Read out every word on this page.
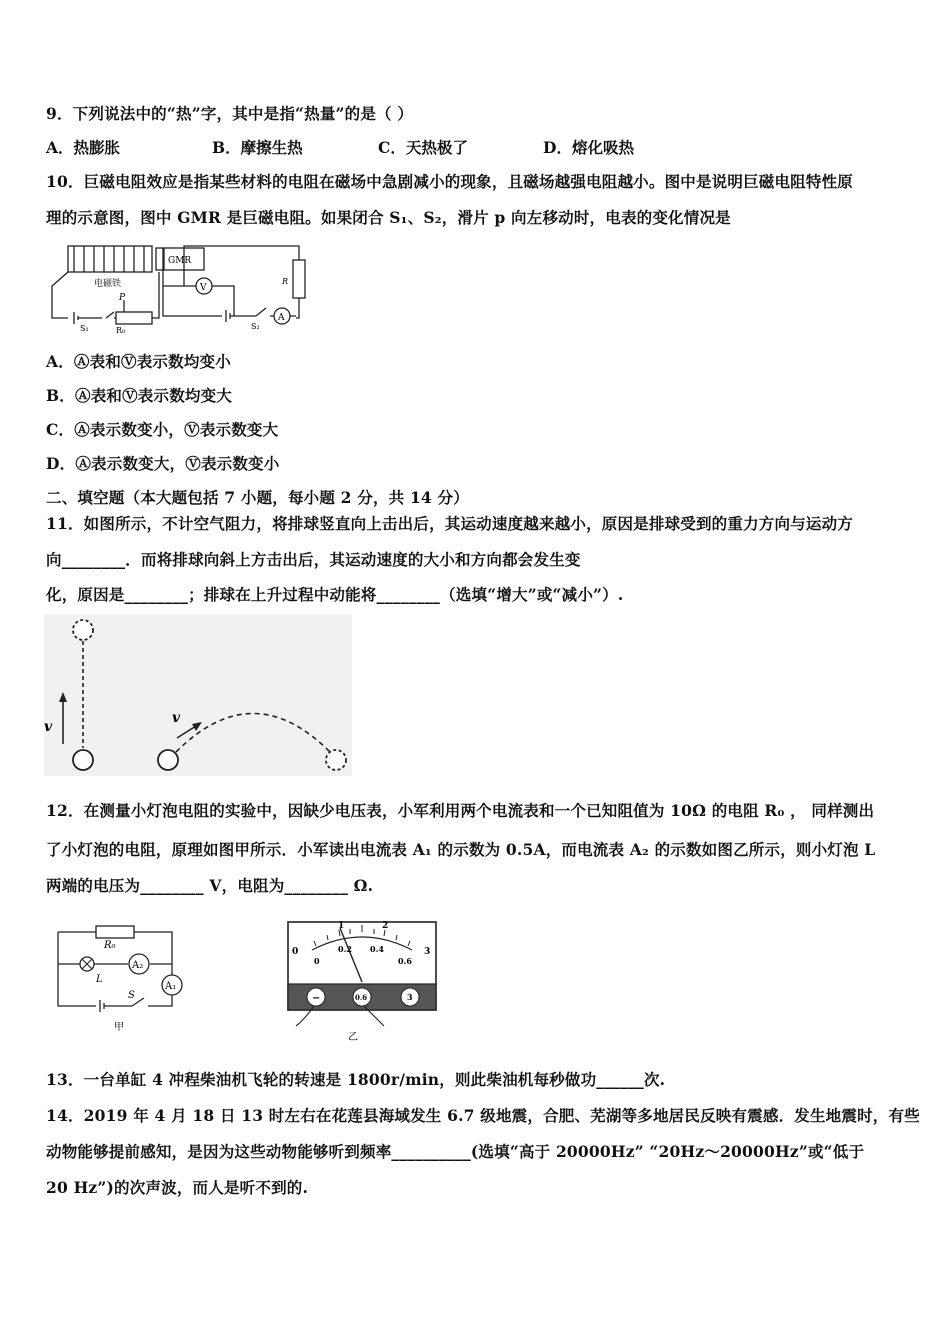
9．下列说法中的“热”字，其中是指“热量”的是（ ）
A．热膨胀	B．摩擦生热	C．天热极了	D．熔化吸热
10．巨磁电阻效应是指某些材料的电阻在磁场中急剧减小的现象，且磁场越强电阻越小。图中是说明巨磁电阻特性原
理的示意图，图中 GMR 是巨磁电阻。如果闭合 S₁、S₂，滑片 p 向左移动时，电表的变化情况是
GMR
电磁铁
P
S₁	R₀	S₂
R
V
A
A．Ⓐ表和Ⓥ表示数均变小
B．Ⓐ表和Ⓥ表示数均变大
C．Ⓐ表示数变小，Ⓥ表示数变大
D．Ⓐ表示数变大，Ⓥ表示数变小
二、填空题（本大题包括 7 小题，每小题 2 分，共 14 分）
11．如图所示，不计空气阻力，将排球竖直向上击出后，其运动速度越来越小，原因是排球受到的重力方向与运动方
向________．而将排球向斜上方击出后，其运动速度的大小和方向都会发生变
化，原因是________；排球在上升过程中动能将________（选填“增大”或“减小”）.
v
v
12．在测量小灯泡电阻的实验中，因缺少电压表，小军利用两个电流表和一个已知阻值为 10Ω 的电阻 R₀ ， 同样测出
了小灯泡的电阻，原理如图甲所示．小军读出电流表 A₁ 的示数为 0.5A，而电流表 A₂ 的示数如图乙所示，则小灯泡 L
两端的电压为________ V，电阻为________ Ω.
R₀
A₂
L
S
A₁
甲
0
1	2
3
0
0.2 0.4
0.6
−	0.6	3
乙
13．一台单缸 4 冲程柴油机飞轮的转速是 1800r/min，则此柴油机每秒做功______次.
14．2019 年 4 月 18 日 13 时左右在花莲县海域发生 6.7 级地震，合肥、芜湖等多地居民反映有震感．发生地震时，有些
动物能够提前感知，是因为这些动物能够听到频率__________(选填“高于 20000Hz” “20Hz～20000Hz”或“低于
20 Hz”)的次声波，而人是听不到的.
